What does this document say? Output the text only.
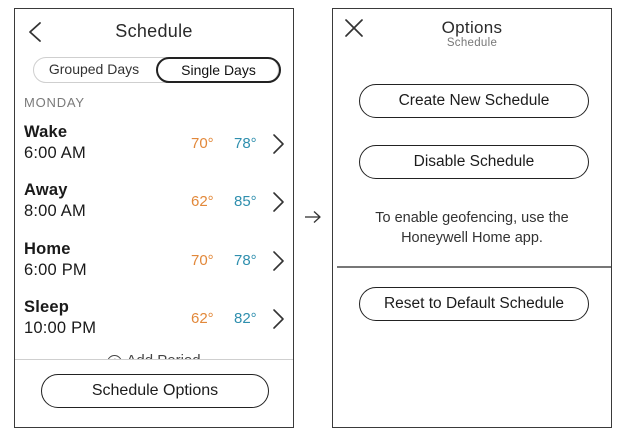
Schedule
Grouped Days	Single Days
MONDAY
Wake
6:00 AM
70° 78°
Away
8:00 AM
62° 85°
Home
6:00 PM
70° 78°
Sleep
10:00 PM
62° 82°
Schedule Options
Options
Schedule
Create New Schedule
Disable Schedule
To enable geofencing, use the
Honeywell Home app.
Reset to Default Schedule
